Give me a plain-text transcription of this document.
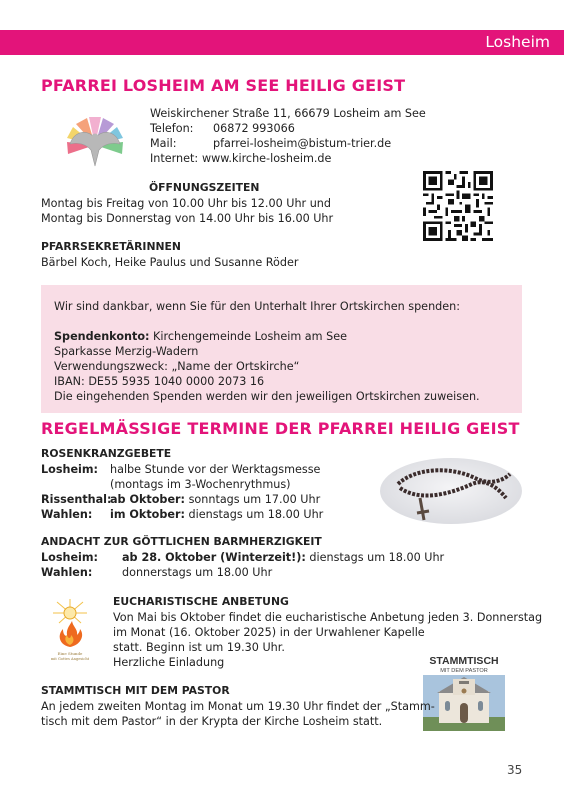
Losheim
PFARREI LOSHEIM AM SEE HEILIG GEIST
Weiskirchener Straße 11, 66679 Losheim am See
Telefon: 06872 993066
Mail:	pfarrei-losheim@bistum-trier.de
Internet: www.kirche-losheim.de
ÖFFNUNGSZEITEN
Montag bis Freitag von 10.00 Uhr bis 12.00 Uhr und
Montag bis Donnerstag von 14.00 Uhr bis 16.00 Uhr
PFARRSEKRETÄRINNEN
Bärbel Koch, Heike Paulus und Susanne Röder
Wir sind dankbar, wenn Sie für den Unterhalt Ihrer Ortskirchen spenden:
Spendenkonto: Kirchengemeinde Losheim am See
Sparkasse Merzig-Wadern
Verwendungszweck: „Name der Ortskirche“
IBAN: DE55 5935 1040 0000 2073 16
Die eingehenden Spenden werden wir den jeweiligen Ortskirchen zuweisen.
REGELMÄSSIGE TERMINE DER PFARREI HEILIG GEIST
ROSENKRANZGEBETE
Losheim: halbe Stunde vor der Werktagsmesse
(montags im 3-Wochenrythmus)
Rissenthal:ab Oktober: sonntags um 17.00 Uhr
Wahlen: im Oktober: dienstags um 18.00 Uhr
ANDACHT ZUR GÖTTLICHEN BARMHERZIGKEIT
Losheim: ab 28. Oktober (Winterzeit!): dienstags um 18.00 Uhr
Wahlen:	donnerstags um 18.00 Uhr
Eine Stunde
mit Gottes Angesicht
EUCHARISTISCHE ANBETUNG
Von Mai bis Oktober findet die eucharistische Anbetung jeden 3. Donnerstag
im Monat (16. Oktober 2025) in der Urwahlener Kapelle
statt. Beginn ist um 19.30 Uhr.
Herzliche Einladung	STAMMTISCH
MIT DEM PASTOR
STAMMTISCH MIT DEM PASTOR
An jedem zweiten Montag im Monat um 19.30 Uhr findet der „Stamm-
tisch mit dem Pastor“ in der Krypta der Kirche Losheim statt.
35
